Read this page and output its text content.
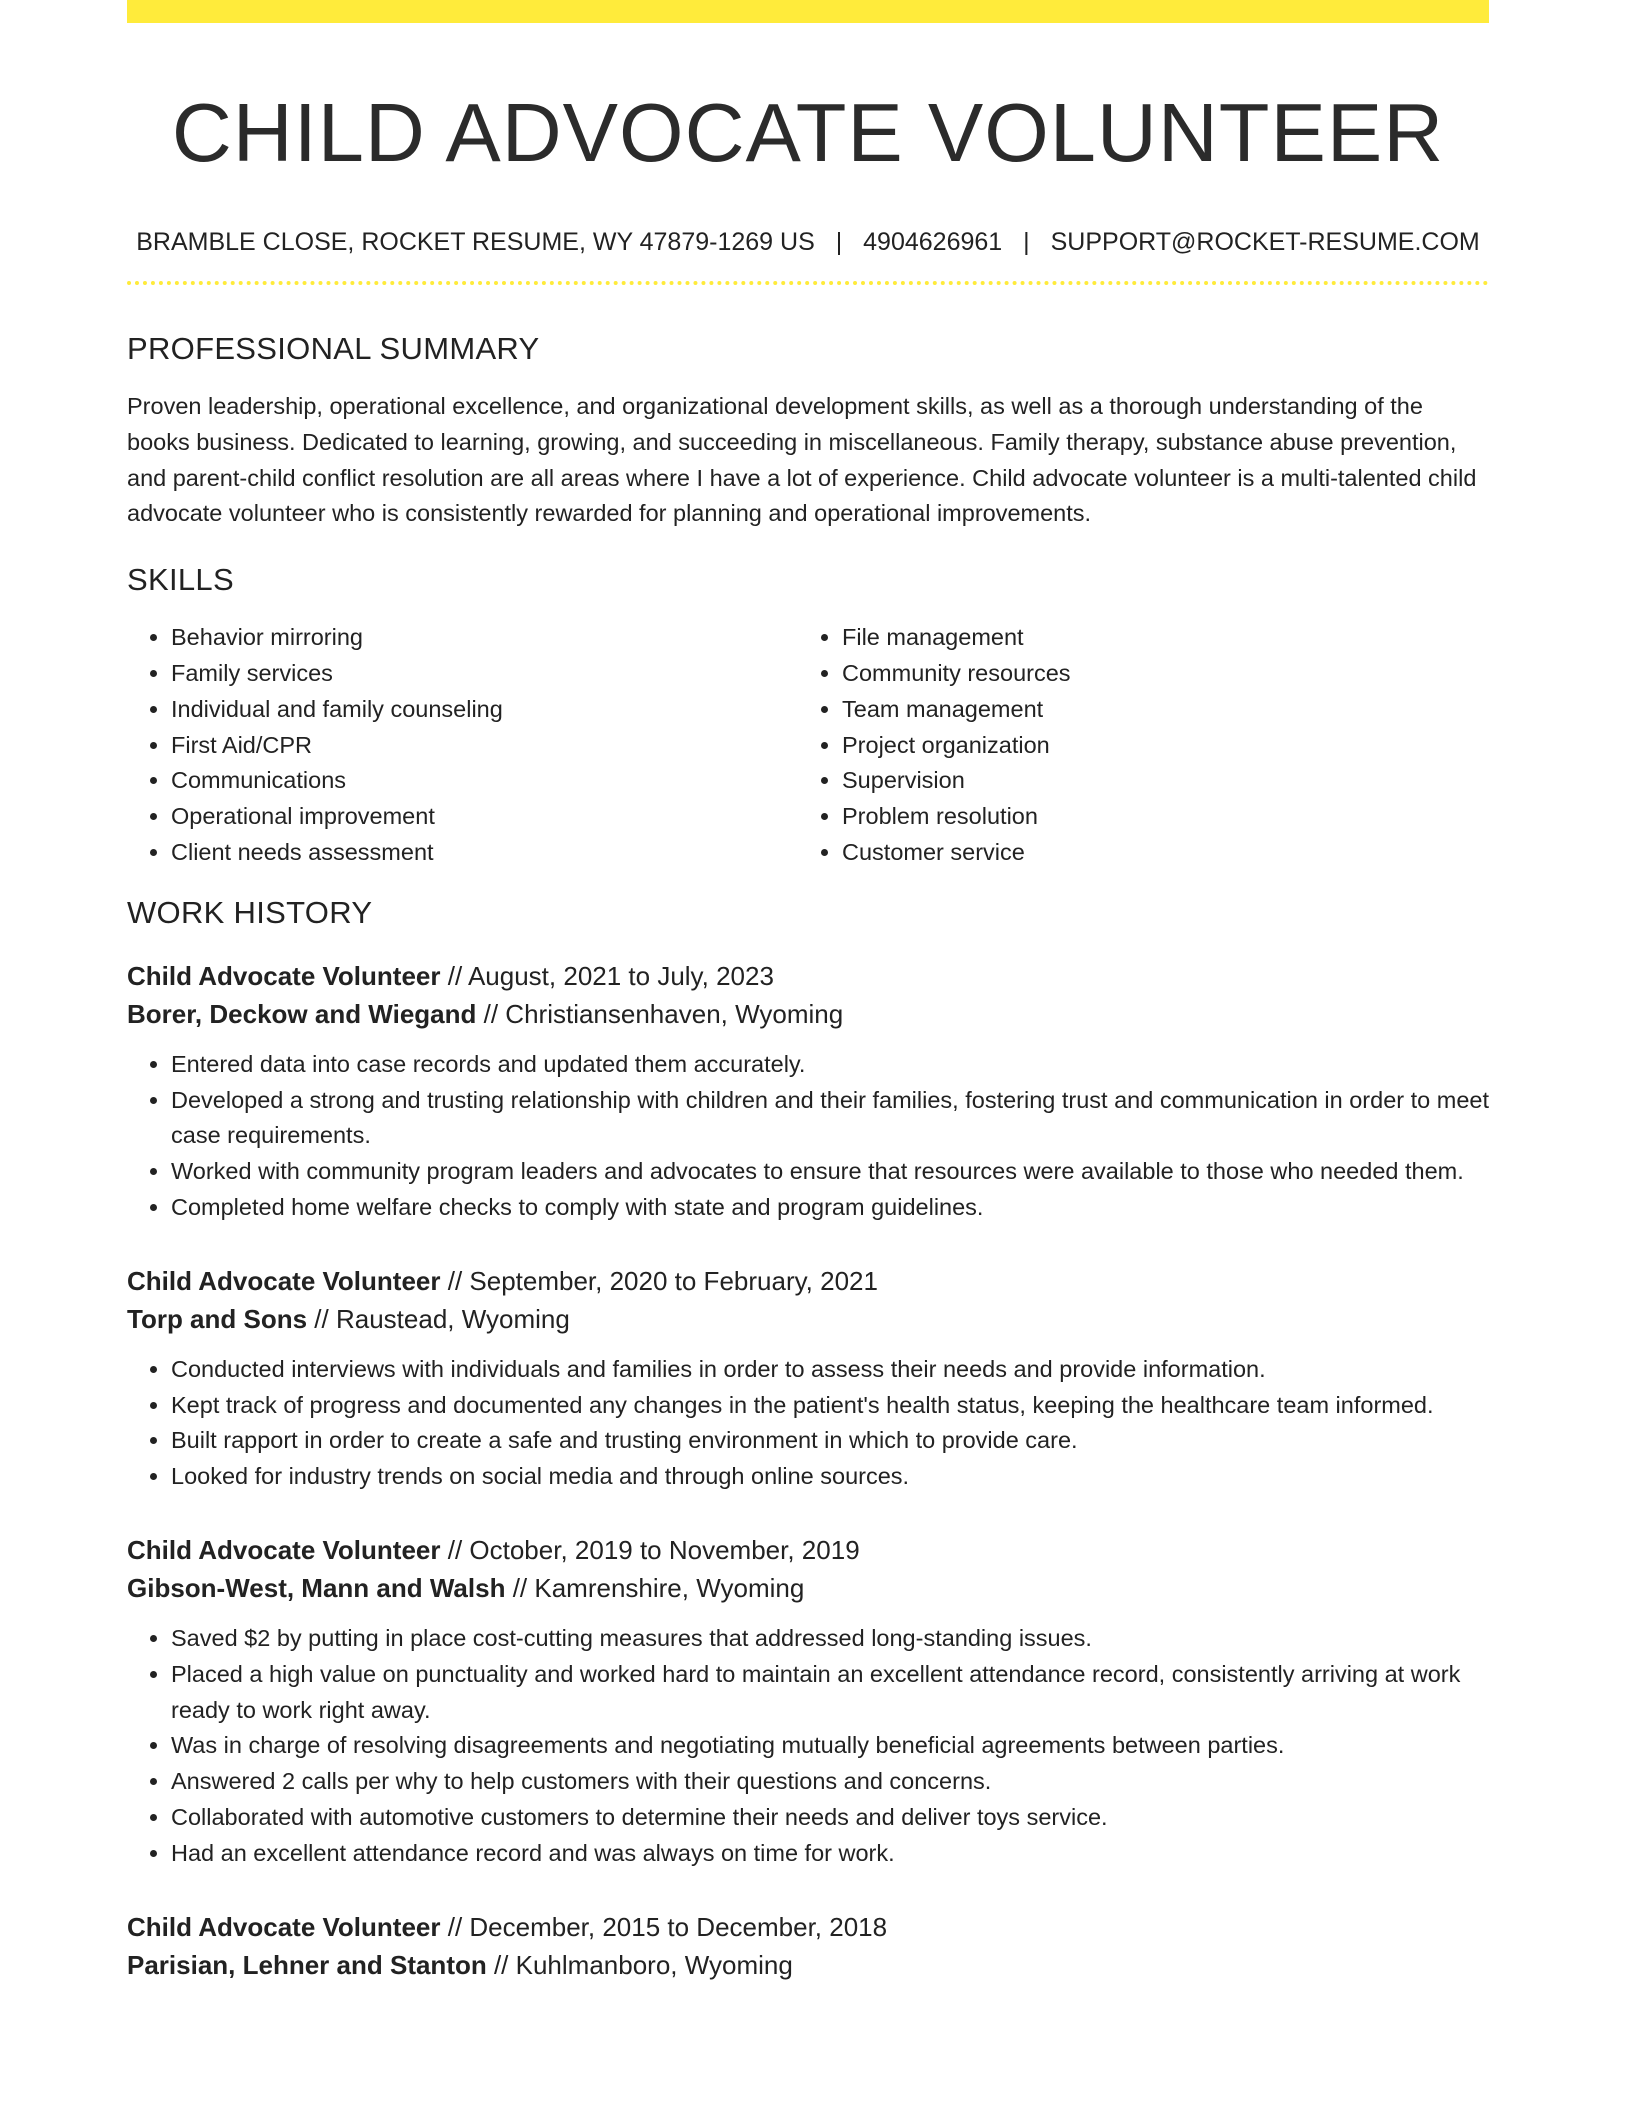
CHILD ADVOCATE VOLUNTEER
BRAMBLE CLOSE, ROCKET RESUME, WY 47879-1269 US | 4904626961 | SUPPORT@ROCKET-RESUME.COM
PROFESSIONAL SUMMARY
Proven leadership, operational excellence, and organizational development skills, as well as a thorough understanding of the books business. Dedicated to learning, growing, and succeeding in miscellaneous. Family therapy, substance abuse prevention, and parent-child conflict resolution are all areas where I have a lot of experience. Child advocate volunteer is a multi-talented child advocate volunteer who is consistently rewarded for planning and operational improvements.
SKILLS
• Behavior mirroring
• Family services
• Individual and family counseling
• First Aid/CPR
• Communications
• Operational improvement
• Client needs assessment
• File management
• Community resources
• Team management
• Project organization
• Supervision
• Problem resolution
• Customer service
WORK HISTORY
Child Advocate Volunteer // August, 2021 to July, 2023
Borer, Deckow and Wiegand // Christiansenhaven, Wyoming
• Entered data into case records and updated them accurately.
• Developed a strong and trusting relationship with children and their families, fostering trust and communication in order to meet case requirements.
• Worked with community program leaders and advocates to ensure that resources were available to those who needed them.
• Completed home welfare checks to comply with state and program guidelines.
Child Advocate Volunteer // September, 2020 to February, 2021
Torp and Sons // Raustead, Wyoming
• Conducted interviews with individuals and families in order to assess their needs and provide information.
• Kept track of progress and documented any changes in the patient's health status, keeping the healthcare team informed.
• Built rapport in order to create a safe and trusting environment in which to provide care.
• Looked for industry trends on social media and through online sources.
Child Advocate Volunteer // October, 2019 to November, 2019
Gibson-West, Mann and Walsh // Kamrenshire, Wyoming
• Saved $2 by putting in place cost-cutting measures that addressed long-standing issues.
• Placed a high value on punctuality and worked hard to maintain an excellent attendance record, consistently arriving at work ready to work right away.
• Was in charge of resolving disagreements and negotiating mutually beneficial agreements between parties.
• Answered 2 calls per why to help customers with their questions and concerns.
• Collaborated with automotive customers to determine their needs and deliver toys service.
• Had an excellent attendance record and was always on time for work.
Child Advocate Volunteer // December, 2015 to December, 2018
Parisian, Lehner and Stanton // Kuhlmanboro, Wyoming
